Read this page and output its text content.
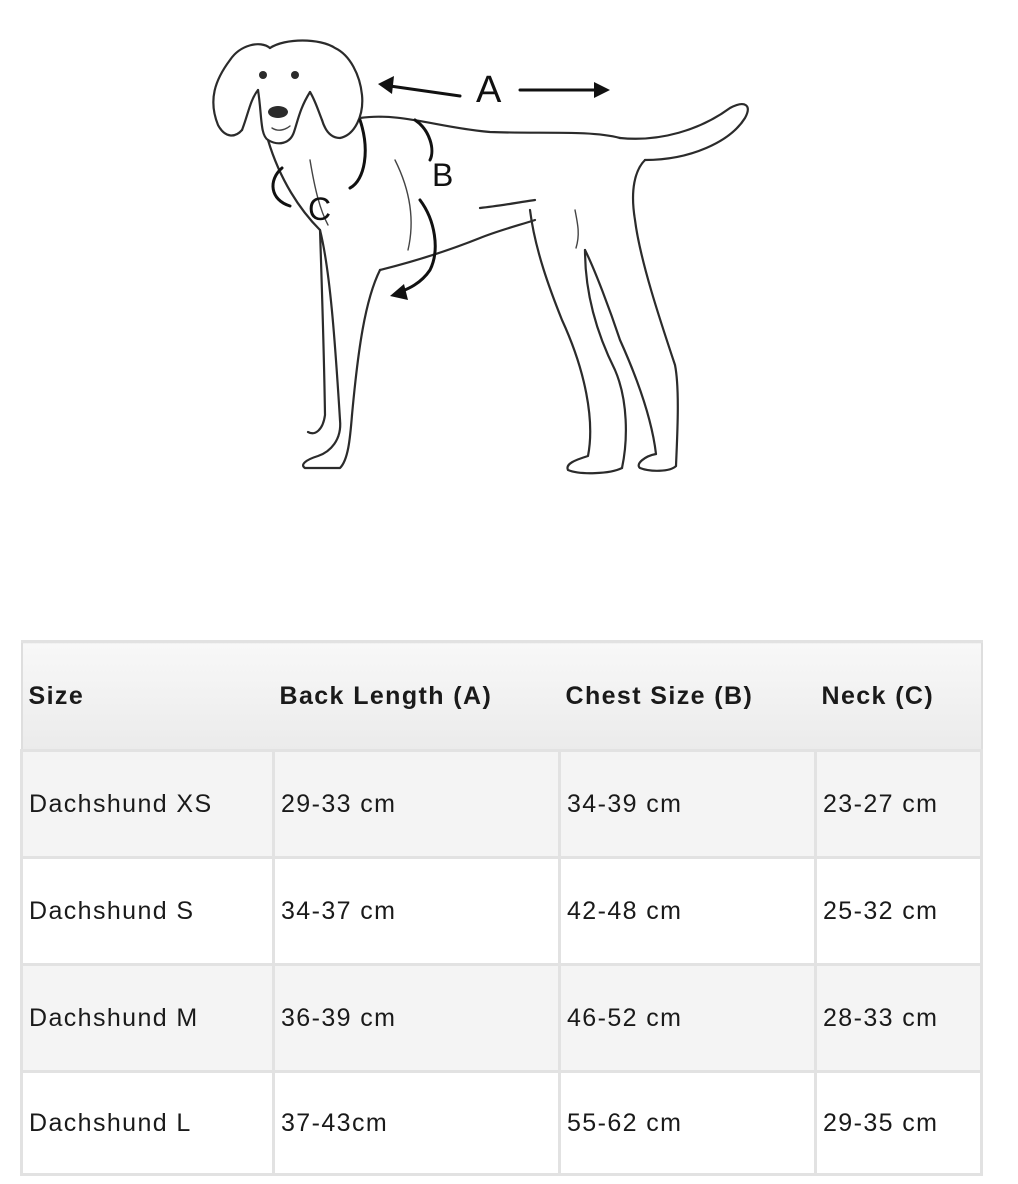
A
B
C
Size	Back Length (A)	Chest Size (B)	Neck (C)
Dachshund XS	29-33 cm	34-39 cm	23-27 cm
Dachshund S	34-37 cm	42-48 cm	25-32 cm
Dachshund M	36-39 cm	46-52 cm	28-33 cm
Dachshund L	37-43cm	55-62 cm	29-35 cm
